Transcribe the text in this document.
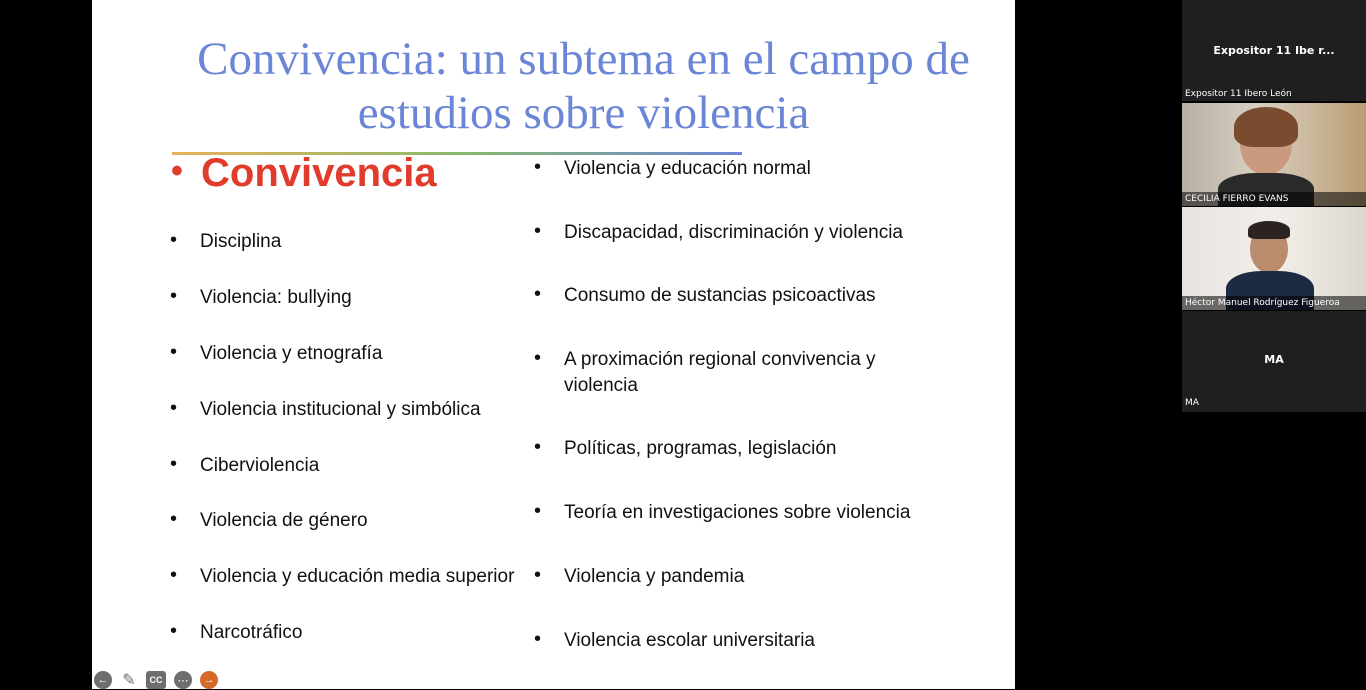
Convivencia: un subtema en el campo de estudios sobre violencia
• Convivencia
• Disciplina
• Violencia: bullying
• Violencia y etnografía
• Violencia institucional y simbólica
• Ciberviolencia
• Violencia de género
• Violencia y educación media superior
• Narcotráfico
• Violencia y educación normal
• Discapacidad, discriminación y violencia
• Consumo de sustancias psicoactivas
• A proximación regional convivencia y violencia
• Políticas, programas, legislación
• Teoría en investigaciones sobre violencia
• Violencia y pandemia
• Violencia escolar universitaria
← ✎	CC	⋯	→
Expositor 11 Ibe r...
Expositor 11 Ibero León
CECILIA FIERRO EVANS
Héctor Manuel Rodríguez Figueroa
MA
MA
